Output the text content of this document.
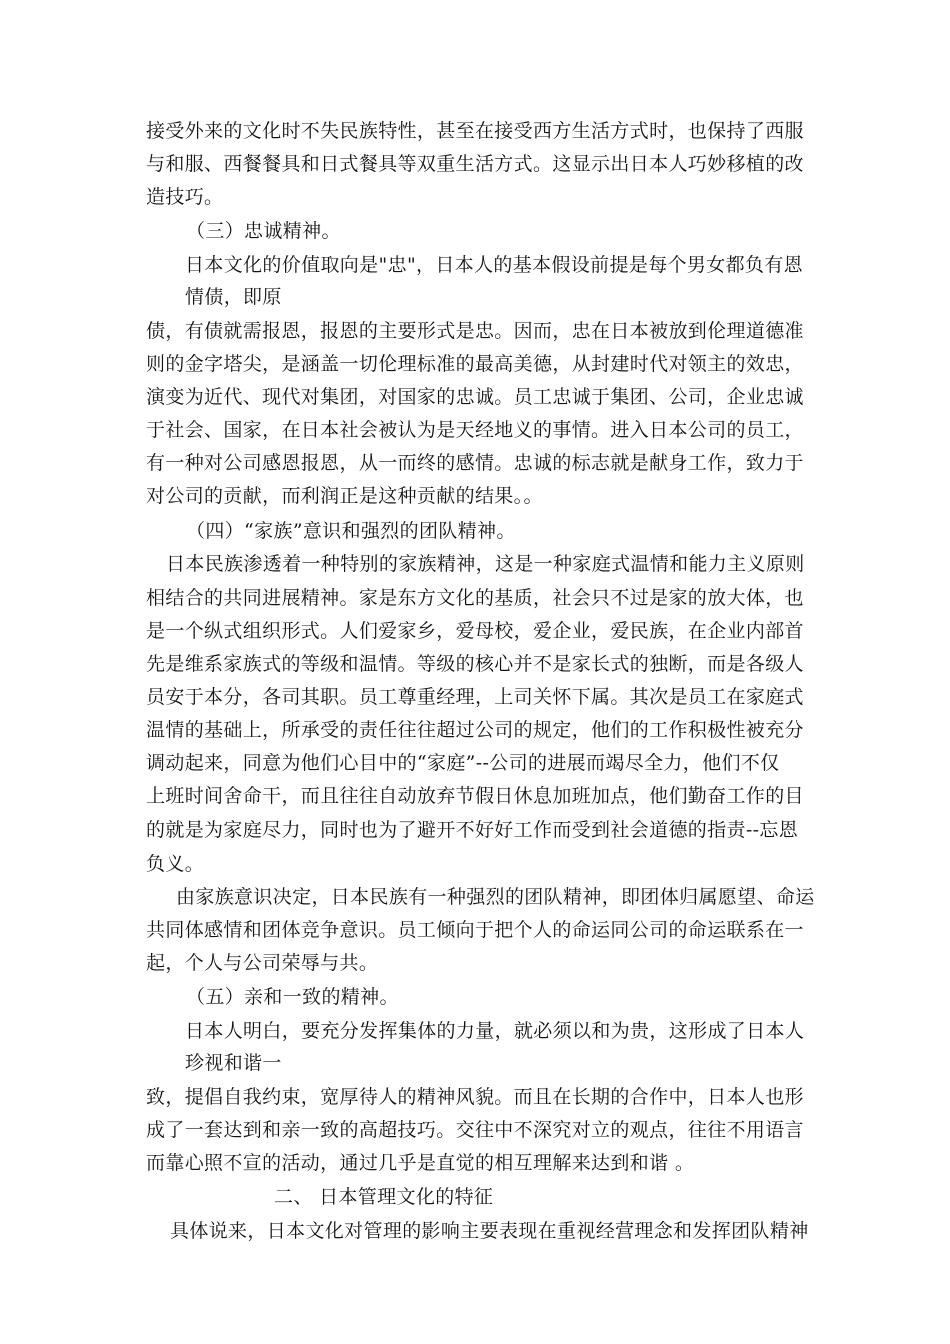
接受外来的文化时不失民族特性，甚至在接受西方生活方式时，也保持了西服
与和服、西餐餐具和日式餐具等双重生活方式。这显示出日本人巧妙移植的改
造技巧。
（三）忠诚精神。
日本文化的价值取向是"忠"，日本人的基本假设前提是每个男女都负有恩
情债，即原
债，有债就需报恩，报恩的主要形式是忠。因而，忠在日本被放到伦理道德准
则的金字塔尖，是涵盖一切伦理标准的最高美德，从封建时代对领主的效忠，
演变为近代、现代对集团，对国家的忠诚。员工忠诚于集团、公司，企业忠诚
于社会、国家，在日本社会被认为是天经地义的事情。进入日本公司的员工，
有一种对公司感恩报恩，从一而终的感情。忠诚的标志就是献身工作，致力于
对公司的贡献，而利润正是这种贡献的结果。。
（四）“家族”意识和强烈的团队精神。
日本民族渗透着一种特别的家族精神，这是一种家庭式温情和能力主义原则
相结合的共同进展精神。家是东方文化的基质，社会只不过是家的放大体，也
是一个纵式组织形式。人们爱家乡，爱母校，爱企业，爱民族，在企业内部首
先是维系家族式的等级和温情。等级的核心并不是家长式的独断，而是各级人
员安于本分，各司其职。员工尊重经理，上司关怀下属。其次是员工在家庭式
温情的基础上，所承受的责任往往超过公司的规定，他们的工作积极性被充分
调动起来，同意为他们心目中的“家庭”--公司的进展而竭尽全力，他们不仅
上班时间舍命干，而且往往自动放弃节假日休息加班加点，他们勤奋工作的目
的就是为家庭尽力，同时也为了避开不好好工作而受到社会道德的指责--忘恩
负义。
由家族意识决定，日本民族有一种强烈的团队精神，即团体归属愿望、命运
共同体感情和团体竞争意识。员工倾向于把个人的命运同公司的命运联系在一
起，个人与公司荣辱与共。
（五）亲和一致的精神。
日本人明白，要充分发挥集体的力量，就必须以和为贵，这形成了日本人
珍视和谐一
致，提倡自我约束，宽厚待人的精神风貌。而且在长期的合作中，日本人也形
成了一套达到和亲一致的高超技巧。交往中不深究对立的观点，往往不用语言
而靠心照不宣的活动，通过几乎是直觉的相互理解来达到和谐 。
二、 日本管理文化的特征
具体说来，日本文化对管理的影响主要表现在重视经营理念和发挥团队精神
